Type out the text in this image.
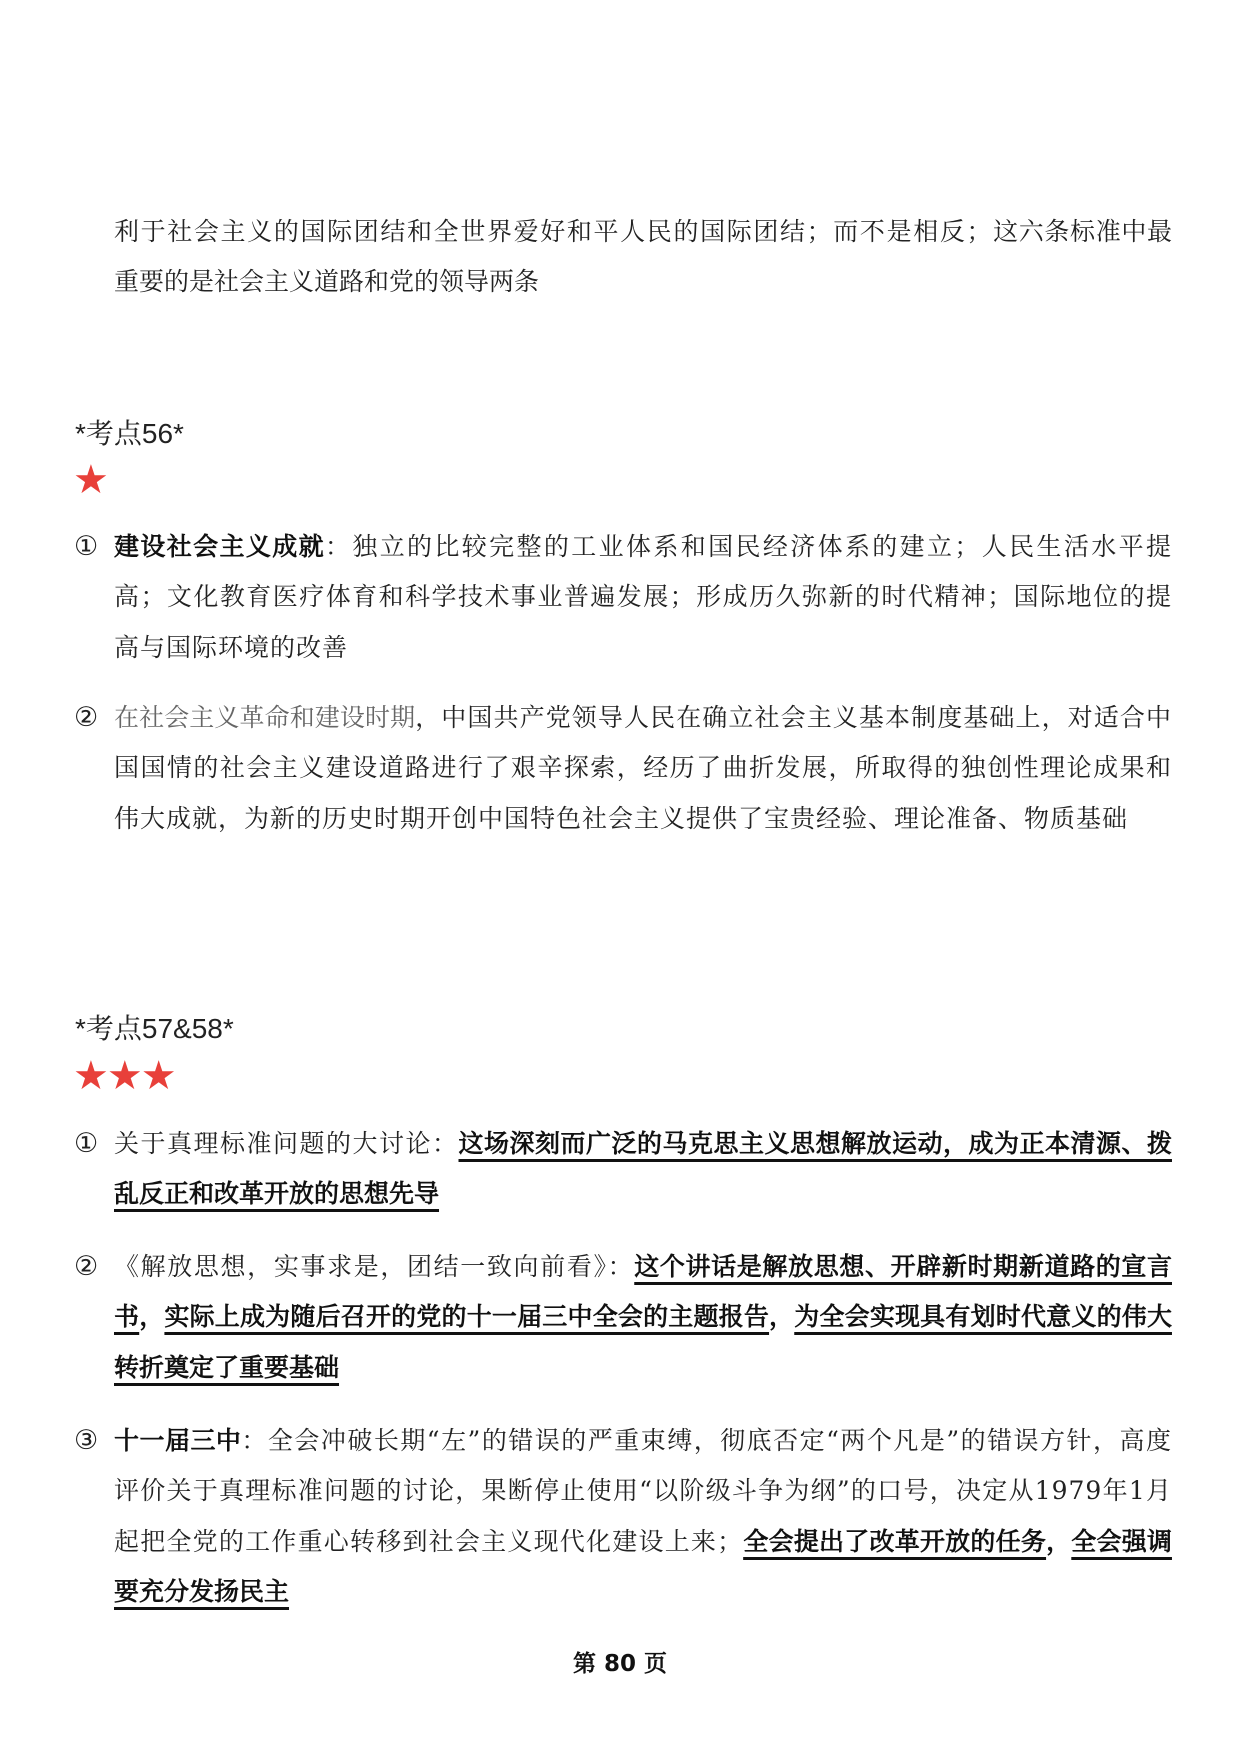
利于社会主义的国际团结和全世界爱好和平人民的国际团结；而不是相反；这六条标准中最重要的是社会主义道路和党的领导两条
*考点56*
★
① 建设社会主义成就：独立的比较完整的工业体系和国民经济体系的建立；人民生活水平提高；文化教育医疗体育和科学技术事业普遍发展；形成历久弥新的时代精神；国际地位的提高与国际环境的改善
② 在社会主义革命和建设时期，中国共产党领导人民在确立社会主义基本制度基础上，对适合中国国情的社会主义建设道路进行了艰辛探索，经历了曲折发展，所取得的独创性理论成果和伟大成就，为新的历史时期开创中国特色社会主义提供了宝贵经验、理论准备、物质基础
*考点57&58*
★★★
① 关于真理标准问题的大讨论：这场深刻而广泛的马克思主义思想解放运动，成为正本清源、拨乱反正和改革开放的思想先导
② 《解放思想，实事求是，团结一致向前看》：这个讲话是解放思想、开辟新时期新道路的宣言书，实际上成为随后召开的党的十一届三中全会的主题报告，为全会实现具有划时代意义的伟大转折奠定了重要基础
③ 十一届三中：全会冲破长期“左”的错误的严重束缚，彻底否定“两个凡是”的错误方针，高度评价关于真理标准问题的讨论，果断停止使用“以阶级斗争为纲”的口号，决定从1979年1月起把全党的工作重心转移到社会主义现代化建设上来；全会提出了改革开放的任务，全会强调要充分发扬民主
第 80 页
